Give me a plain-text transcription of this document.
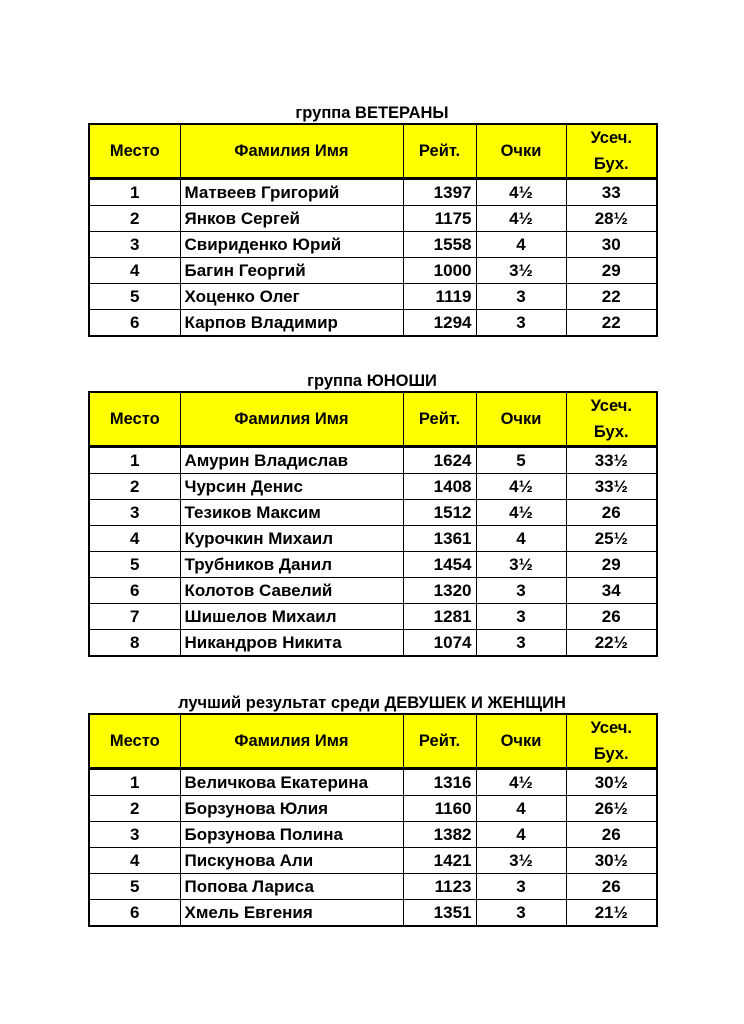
группа ВЕТЕРАНЫ
Место	Фамилия Имя	Рейт.	Очки	Усеч.
Бух.

1	Матвеев Григорий	1397	4½	33
2	Янков Сергей	1175	4½	28½
3	Свириденко Юрий	1558	4	30
4	Багин Георгий	1000	3½	29
5	Хоценко Олег	1119	3	22
6	Карпов Владимир	1294	3	22
группа ЮНОШИ
Место	Фамилия Имя	Рейт.	Очки	Усеч.
Бух.

1	Амурин Владислав	1624	5	33½
2	Чурсин Денис	1408	4½	33½
3	Тезиков Максим	1512	4½	26
4	Курочкин Михаил	1361	4	25½
5	Трубников Данил	1454	3½	29
6	Колотов Савелий	1320	3	34
7	Шишелов Михаил	1281	3	26
8	Никандров Никита	1074	3	22½
лучший результат среди ДЕВУШЕК И ЖЕНЩИН
Место	Фамилия Имя	Рейт.	Очки	Усеч.
Бух.

1	Величкова Екатерина	1316	4½	30½
2	Борзунова Юлия	1160	4	26½
3	Борзунова Полина	1382	4	26
4	Пискунова Али	1421	3½	30½
5	Попова Лариса	1123	3	26
6	Хмель Евгения	1351	3	21½
